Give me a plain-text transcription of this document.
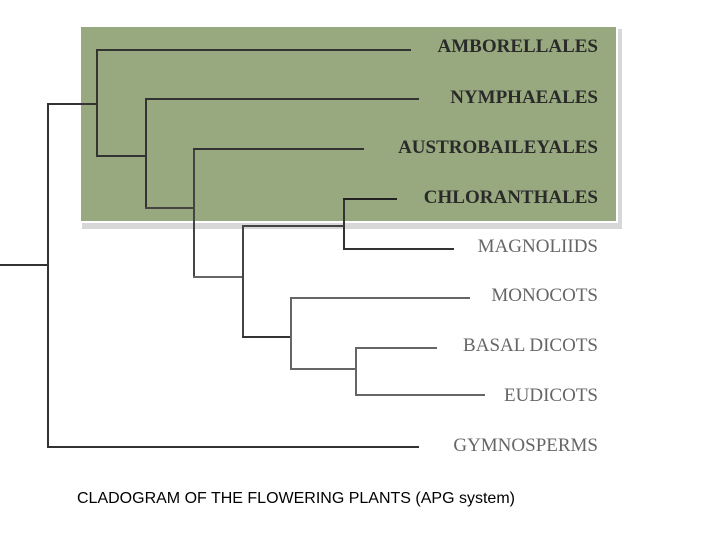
AMBORELLALES
NYMPHAEALES
AUSTROBAILEYALES
CHLORANTHALES
MAGNOLIIDS
MONOCOTS
BASAL DICOTS
EUDICOTS
GYMNOSPERMS
CLADOGRAM OF THE FLOWERING PLANTS (APG system)
